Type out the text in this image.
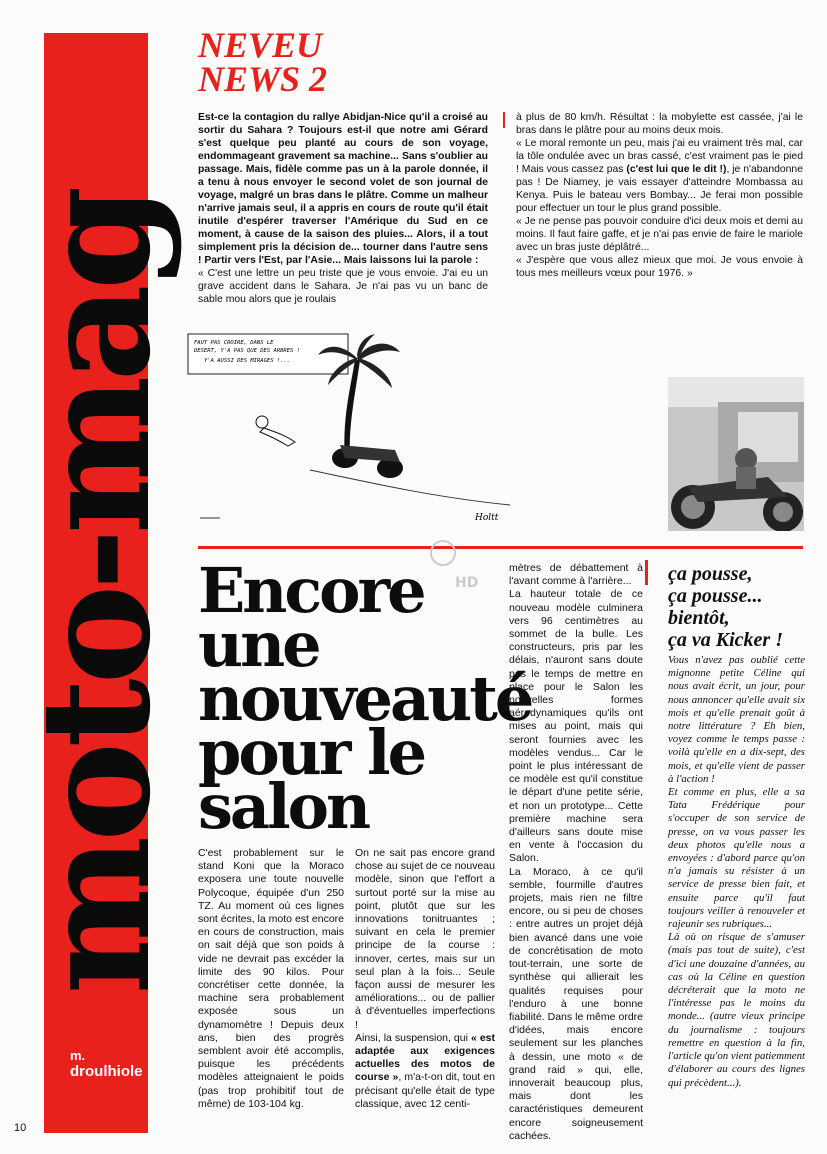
moto-mag
m.
droulhiole
NEVEU
NEWS 2

Est-ce la contagion du rallye Abidjan-Nice qu'il a croisé au sortir du Sahara ? Toujours est-il que notre ami Gérard s'est quelque peu planté au cours de son voyage, endommageant gravement sa machine... Sans s'oublier au passage. Mais, fidèle comme pas un à la parole donnée, il a tenu à nous envoyer le second volet de son journal de voyage, malgré un bras dans le plâtre. Comme un malheur n'arrive jamais seul, il a appris en cours de route qu'il était inutile d'espérer traverser l'Amérique du Sud en ce moment, à cause de la saison des pluies... Alors, il a tout simplement pris la décision de... tourner dans l'autre sens ! Partir vers l'Est, par l'Asie... Mais laissons lui la parole :

« C'est une lettre un peu triste que je vous envoie. J'ai eu un grave accident dans le Sahara. Je n'ai pas vu un banc de sable mou alors que je roulais

à plus de 80 km/h. Résultat : la mobylette est cassée, j'ai le bras dans le plâtre pour au moins deux mois.

« Le moral remonte un peu, mais j'ai eu vraiment très mal, car la tôle ondulée avec un bras cassé, c'est vraiment pas le pied ! Mais vous cassez pas (c'est lui que le dit !), je n'abandonne pas ! De Niamey, je vais essayer d'atteindre Mombassa au Kenya. Puis le bateau vers Bombay... Je ferai mon possible pour effectuer un tour le plus grand possible.

« Je ne pense pas pouvoir conduire d'ici deux mois et demi au moins. Il faut faire gaffe, et je n'ai pas envie de faire le mariole avec un bras juste déplâtré...

« J'espère que vous allez mieux que moi. Je vous envoie à tous mes meilleurs vœux pour 1976. »

FAUT PAS CROIRE, DANS LE
DESERT, Y'A PAS QUE DES ARBRES !
Y'A AUSSI DES MIRAGES !...
Holtt
HD
Encore
une
nouveauté
pour le
salon

C'est probablement sur le stand Koni que la Moraco exposera une toute nouvelle Polycoque, équipée d'un 250 TZ. Au moment où ces lignes sont écrites, la moto est encore en cours de construction, mais on sait déjà que son poids à vide ne devrait pas excéder la limite des 90 kilos. Pour concrétiser cette donnée, la machine sera probablement exposée sous un dynamomètre ! Depuis deux ans, bien des progrès semblent avoir été accomplis, puisque les précédents modèles atteignaient le poids (pas trop prohibitif tout de même) de 103-104 kg.

On ne sait pas encore grand chose au sujet de ce nouveau modèle, sinon que l'effort a surtout porté sur la mise au point, plutôt que sur les innovations tonitruantes ; suivant en cela le premier principe de la course : innover, certes, mais sur un seul plan à la fois... Seule façon aussi de mesurer les améliorations... ou de pallier à d'éventuelles imperfections !

Ainsi, la suspension, qui « est adaptée aux exigences actuelles des motos de course », m'a-t-on dit, tout en précisant qu'elle était de type classique, avec 12 centi-

mètres de débattement à l'avant comme à l'arrière...

La hauteur totale de ce nouveau modèle culminera vers 96 centimètres au sommet de la bulle. Les constructeurs, pris par les délais, n'auront sans doute pas le temps de mettre en place pour le Salon les nouvelles formes aérodynamiques qu'ils ont mises au point, mais qui seront fournies avec les modèles vendus... Car le point le plus intéressant de ce modèle est qu'il constitue le départ d'une petite série, et non un prototype... Cette première machine sera d'ailleurs sans doute mise en vente à l'occasion du Salon.

La Moraco, à ce qu'il semble, fourmille d'autres projets, mais rien ne filtre encore, ou si peu de choses : entre autres un projet déjà bien avancé dans une voie de concrétisation de moto tout-terrain, une sorte de synthèse qui allierait les qualités requises pour l'enduro à une bonne fiabilité. Dans le même ordre d'idées, mais encore seulement sur les planches à dessin, une moto « de grand raid » qui, elle, innoverait beaucoup plus, mais dont les caractéristiques demeurent encore soigneusement cachées.

ça pousse,
ça pousse...
bientôt,
ça va Kicker !

Vous n'avez pas oublié cette mignonne petite Céline qui nous avait écrit, un jour, pour nous annoncer qu'elle avait six mois et qu'elle prenait goût à notre littérature ? Eh bien, voyez comme le temps passe : voilà qu'elle en a dix-sept, des mois, et qu'elle vient de passer à l'action !

Et comme en plus, elle a sa Tata Frédérique pour s'occuper de son service de presse, on va vous passer les deux photos qu'elle nous a envoyées : d'abord parce qu'on n'a jamais su résister à un service de presse bien fait, et ensuite parce qu'il faut toujours veiller à renouveler et rajeunir ses rubriques...

Là où on risque de s'amuser (mais pas tout de suite), c'est d'ici une douzaine d'années, au cas où la Céline en question décréterait que la moto ne l'intéresse pas le moins du monde... (autre vieux principe du journalisme : toujours remettre en question à la fin, l'article qu'on vient patiemment d'élaborer au cours des lignes qui précèdent...).

10
